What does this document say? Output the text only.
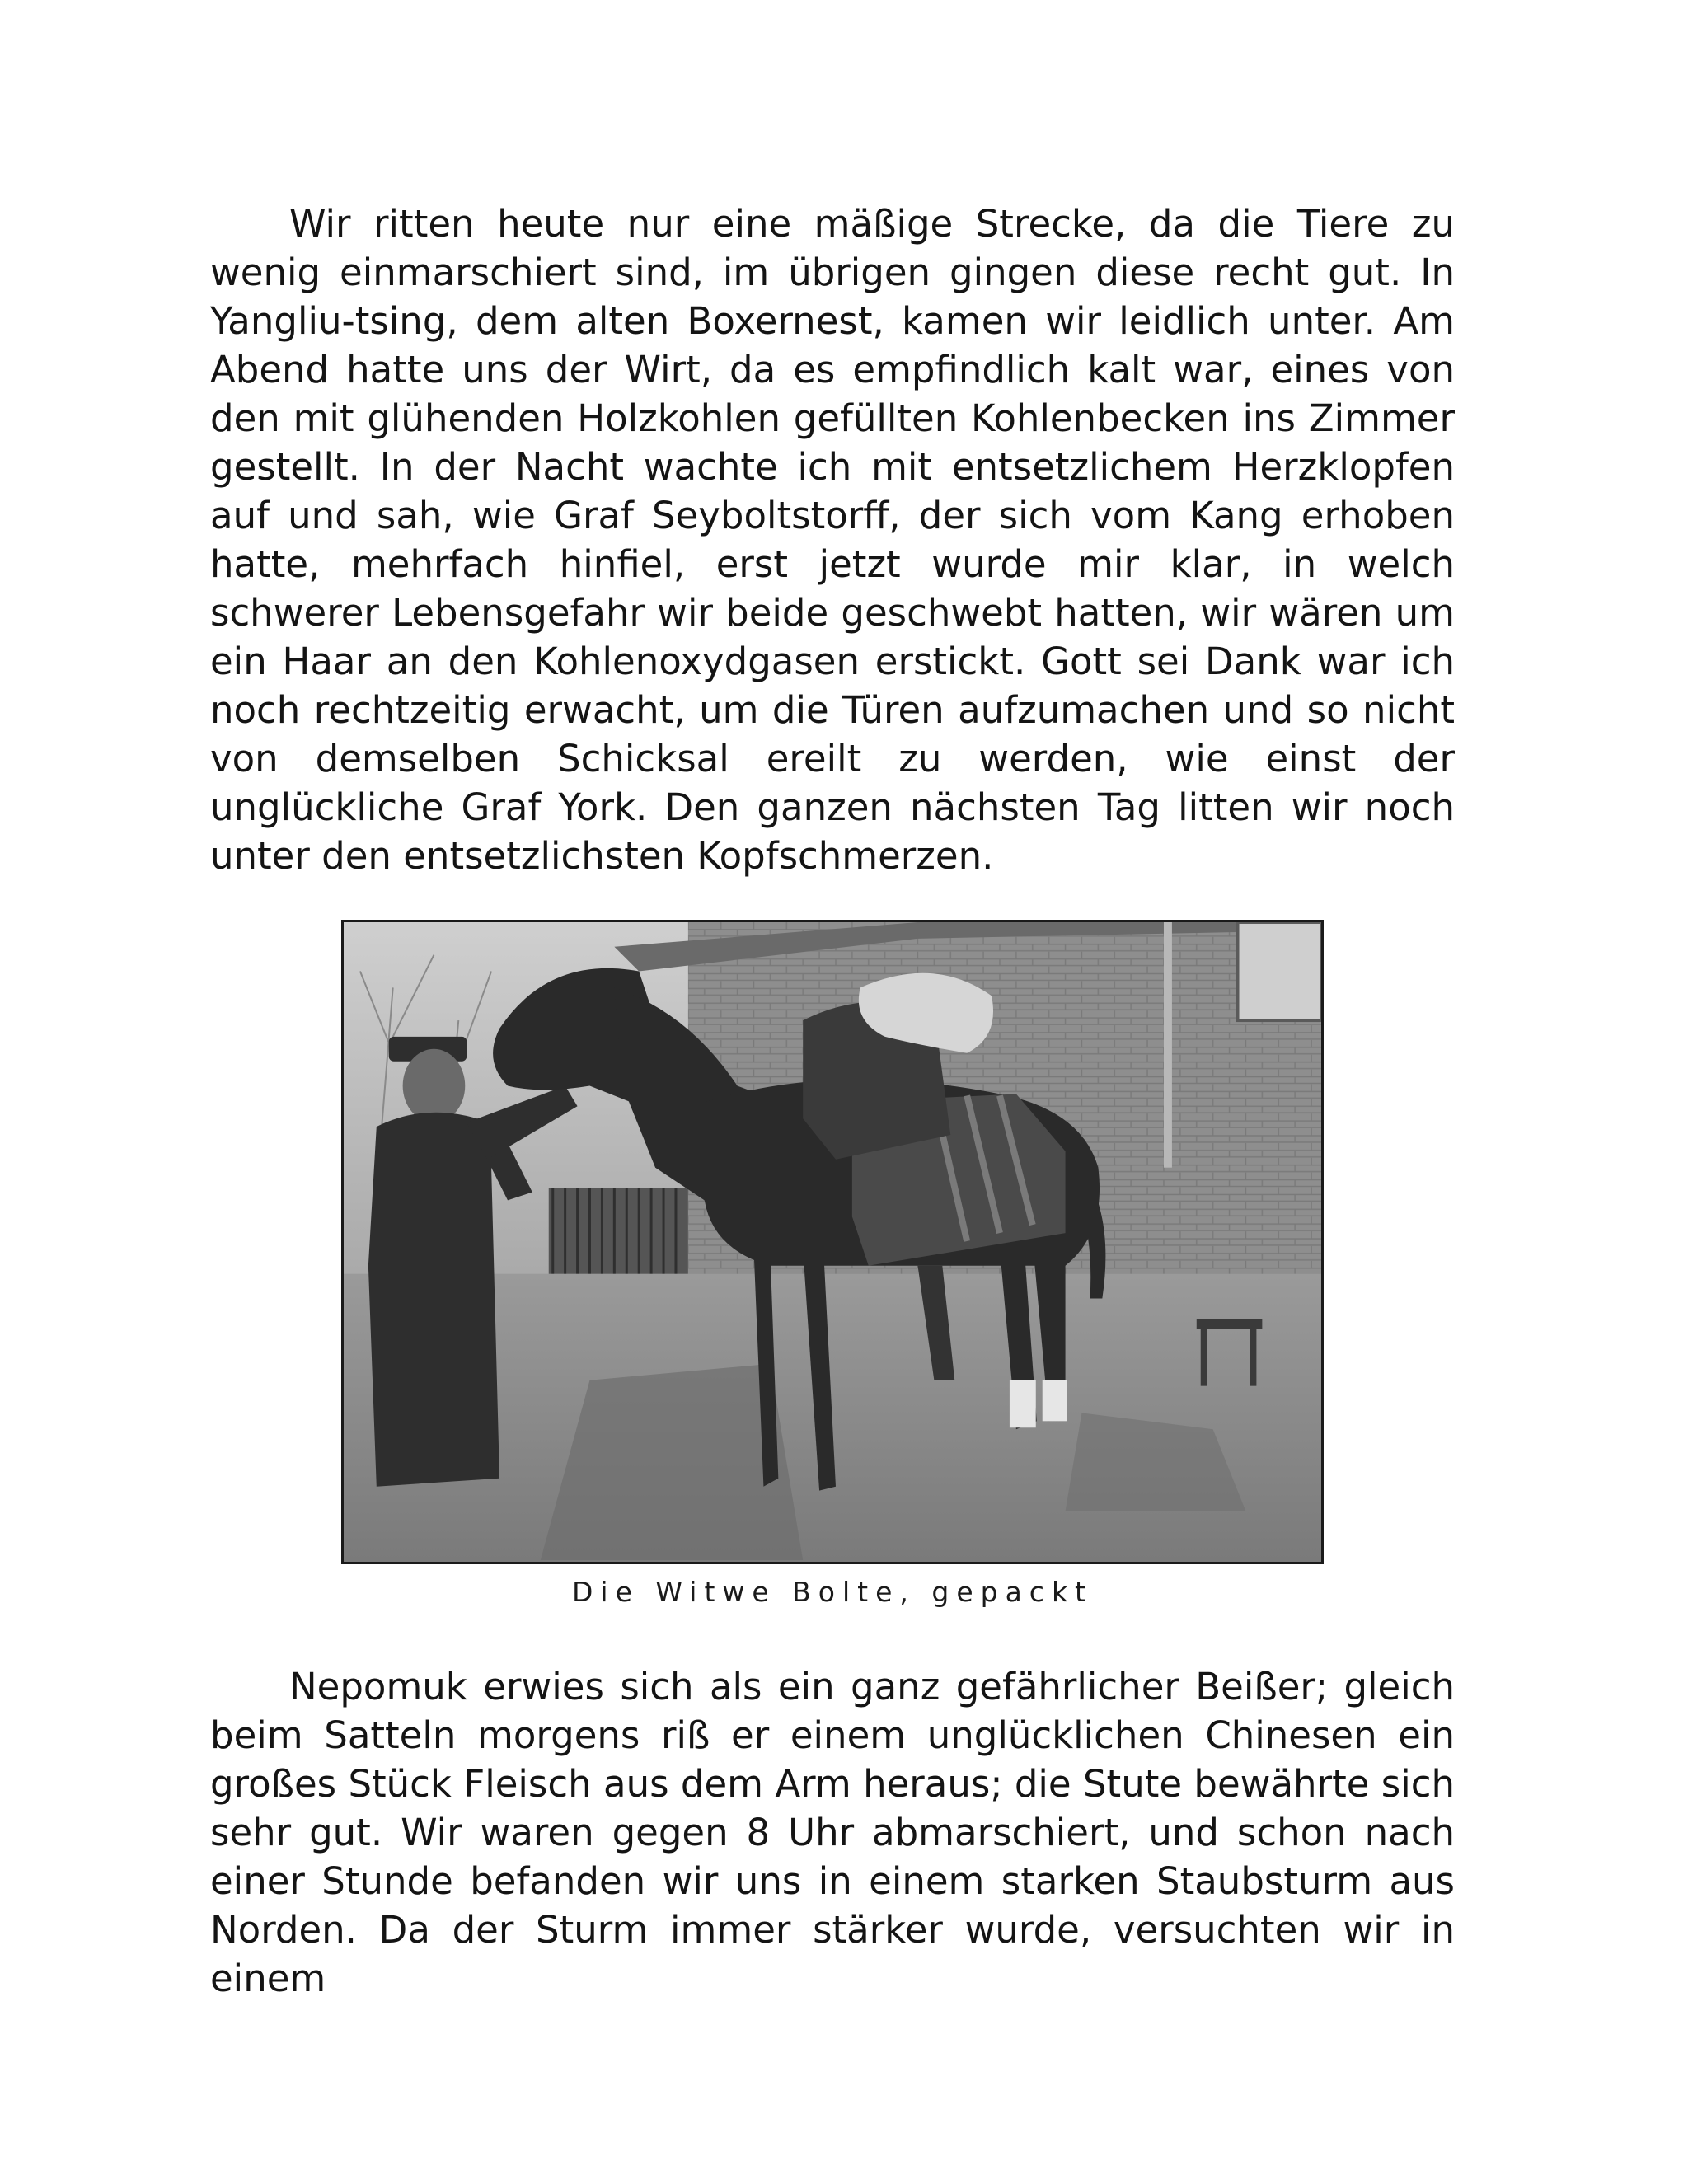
Wir ritten heute nur eine mäßige Strecke, da die Tiere zu wenig einmarschiert sind, im übrigen gingen diese recht gut. In Yangliu-tsing, dem alten Boxernest, kamen wir leidlich unter. Am Abend hatte uns der Wirt, da es empfindlich kalt war, eines von den mit glühenden Holzkohlen gefüllten Kohlenbecken ins Zimmer gestellt. In der Nacht wachte ich mit entsetzlichem Herzklopfen auf und sah, wie Graf Seyboltstorff, der sich vom Kang erhoben hatte, mehrfach hinfiel, erst jetzt wurde mir klar, in welch schwerer Lebensgefahr wir beide geschwebt hatten, wir wären um ein Haar an den Kohlenoxydgasen erstickt. Gott sei Dank war ich noch rechtzeitig erwacht, um die Türen aufzumachen und so nicht von demselben Schicksal ereilt zu werden, wie einst der unglückliche Graf York. Den ganzen nächsten Tag litten wir noch unter den entsetzlichsten Kopfschmerzen.

Die Witwe Bolte, gepackt

Nepomuk erwies sich als ein ganz gefährlicher Beißer; gleich beim Satteln morgens riß er einem unglücklichen Chinesen ein großes Stück Fleisch aus dem Arm heraus; die Stute bewährte sich sehr gut. Wir waren gegen 8 Uhr abmarschiert, und schon nach einer Stunde befanden wir uns in einem starken Staubsturm aus Norden. Da der Sturm immer stärker wurde, versuchten wir in einem
